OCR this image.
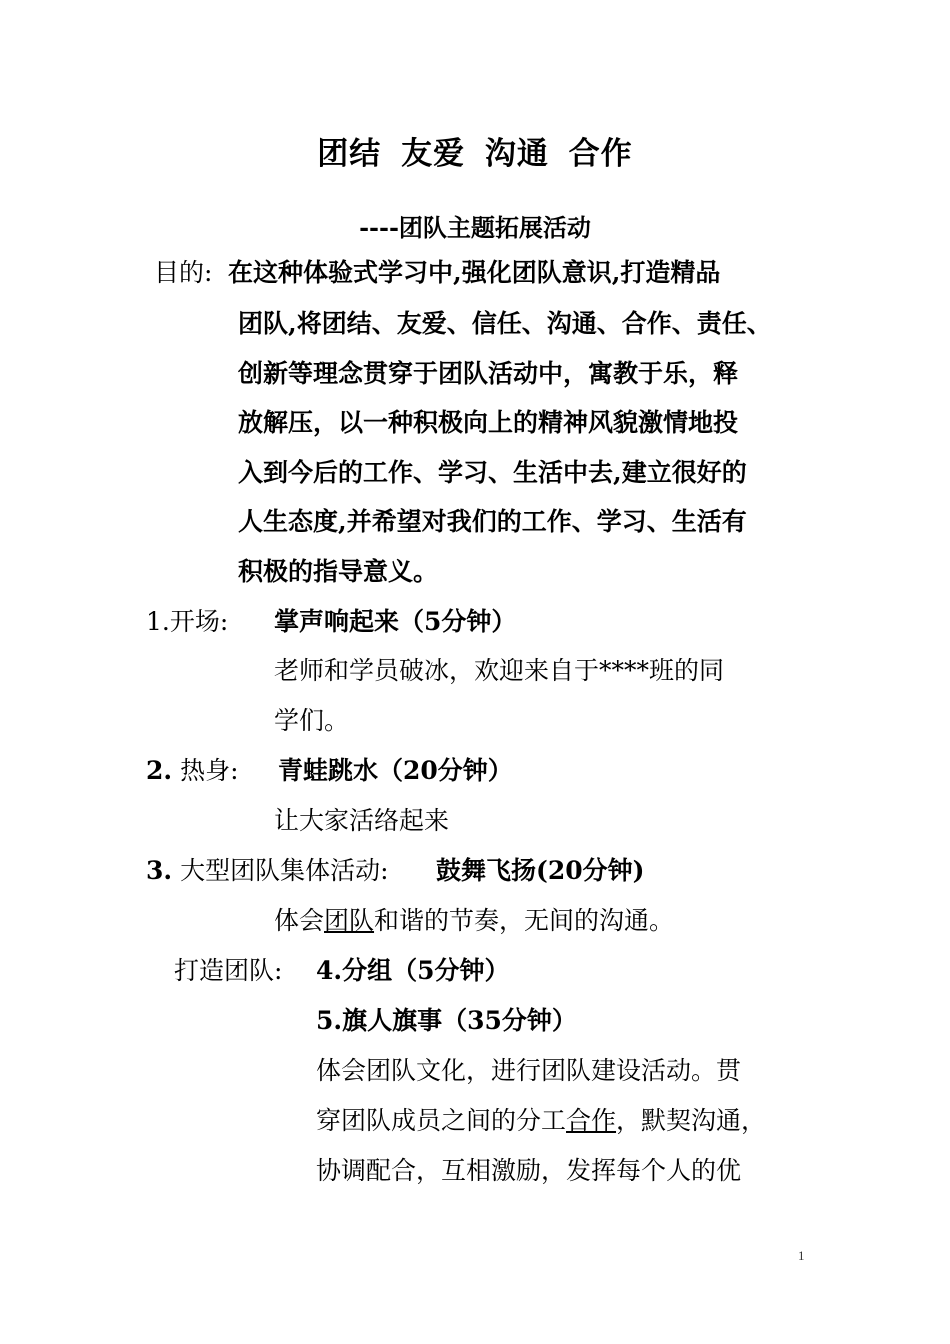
团结 友爱 沟通 合作
----团队主题拓展活动
目的: 在这种体验式学习中,强化团队意识,打造精品
团队,将团结、友爱、信任、沟通、合作、责任、
创新等理念贯穿于团队活动中，寓教于乐，释
放解压，以一种积极向上的精神风貌激情地投
入到今后的工作、学习、生活中去,建立很好的
人生态度,并希望对我们的工作、学习、生活有
积极的指导意义。
1.开场: 掌声响起来（5分钟）
老师和学员破冰，欢迎来自于****班的同
学们。
2. 热身: 青蛙跳水（20分钟）
让大家活络起来
3. 大型团队集体活动: 鼓舞飞扬(20分钟)
体会团队和谐的节奏，无间的沟通。
打造团队: 4.分组（5分钟）
5.旗人旗事（35分钟）
体会团队文化，进行团队建设活动。贯
穿团队成员之间的分工合作，默契沟通，
协调配合，互相激励，发挥每个人的优
1
